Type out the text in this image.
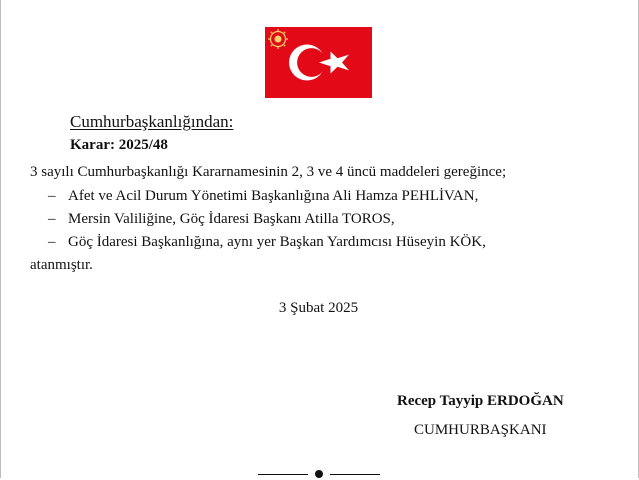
Cumhurbaşkanlığından:
Karar: 2025/48
3 sayılı Cumhurbaşkanlığı Kararnamesinin 2, 3 ve 4 üncü maddeleri gereğince;
– Afet ve Acil Durum Yönetimi Başkanlığına Ali Hamza PEHLİVAN,
– Mersin Valiliğine, Göç İdaresi Başkanı Atilla TOROS,
– Göç İdaresi Başkanlığına, aynı yer Başkan Yardımcısı Hüseyin KÖK,
atanmıştır.
3 Şubat 2025
Recep Tayyip ERDOĞAN
CUMHURBAŞKANI
